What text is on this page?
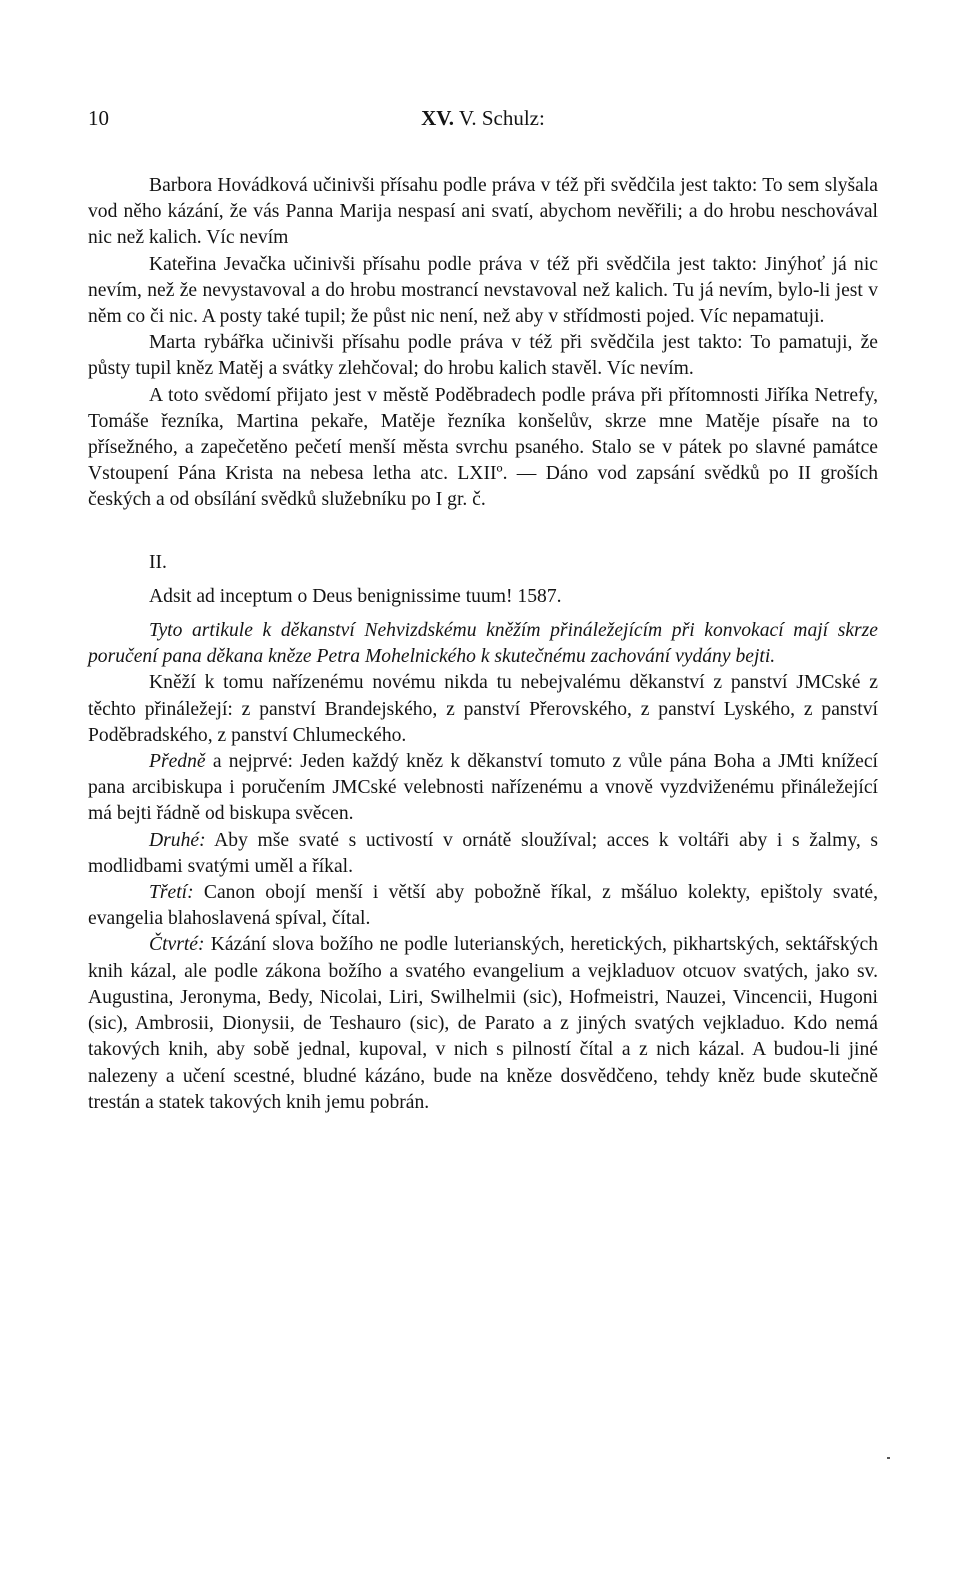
10	XV. V. Schulz:

Barbora Hovádková učinivši přísahu podle práva v též při svědčila jest takto: To sem slyšala vod něho kázání, že vás Panna Marija nespasí ani svatí, abychom nevěřili; a do hrobu neschovával nic než kalich. Víc nevím

Kateřina Jevačka učinivši přísahu podle práva v též při svědčila jest takto: Jinýhoť já nic nevím, než že nevystavoval a do hrobu mostrancí nevstavoval než kalich. Tu já nevím, bylo-li jest v něm co či nic. A posty také tupil; že půst nic není, než aby v střídmosti pojed. Víc nepamatuji.

Marta rybářka učinivši přísahu podle práva v též při svědčila jest takto: To pamatuji, že půsty tupil kněz Matěj a svátky zlehčoval; do hrobu kalich stavěl. Víc nevím.

A toto svědomí přijato jest v městě Poděbradech podle práva při přítomnosti Jiříka Netrefy, Tomáše řezníka, Martina pekaře, Matěje řezníka konšelův, skrze mne Matěje písaře na to přísežného, a zapečetěno pečetí menší města svrchu psaného. Stalo se v pátek po slavné památce Vstoupení Pána Krista na nebesa letha atc. LXIIº. — Dáno vod zapsání svědků po II groších českých a od obsílání svědků služebníku po I gr. č.

II.

Adsit ad inceptum o Deus benignissime tuum! 1587.

Tyto artikule k děkanství Nehvizdskému kněžím přináležejícím při konvokací mají skrze poručení pana děkana kněze Petra Mohelnického k skutečnému zachování vydány bejti.

Kněží k tomu nařízenému novému nikda tu nebejvalému děkanství z panství JMCské z těchto přináležejí: z panství Brandejského, z panství Přerovského, z panství Lyského, z panství Poděbradského, z panství Chlumeckého.

Předně a nejprvé: Jeden každý kněz k děkanství tomuto z vůle pána Boha a JMti knížecí pana arcibiskupa i poručením JMCské velebnosti nařízenému a vnově vyzdviženému přináležející má bejti řádně od biskupa svěcen.

Druhé: Aby mše svaté s uctivostí v ornátě sloužíval; acces k voltáři aby i s žalmy, s modlidbami svatými uměl a říkal.

Třetí: Canon obojí menší i větší aby pobožně říkal, z mšáluo kolekty, epištoly svaté, evangelia blahoslavená spíval, čítal.

Čtvrté: Kázání slova božího ne podle luterianských, heretických, pikhartských, sektářských knih kázal, ale podle zákona božího a svatého evangelium a vejkladuov otcuov svatých, jako sv. Augustina, Jeronyma, Bedy, Nicolai, Liri, Swilhelmii (sic), Hofmeistri, Nauzei, Vincencii, Hugoni (sic), Ambrosii, Dionysii, de Teshauro (sic), de Parato a z jiných svatých vejkladuo. Kdo nemá takových knih, aby sobě jednal, kupoval, v nich s pilností čítal a z nich kázal. A budou-li jiné nalezeny a učení scestné, bludné kázáno, bude na kněze dosvědčeno, tehdy kněz bude skutečně trestán a statek takových knih jemu pobrán.
